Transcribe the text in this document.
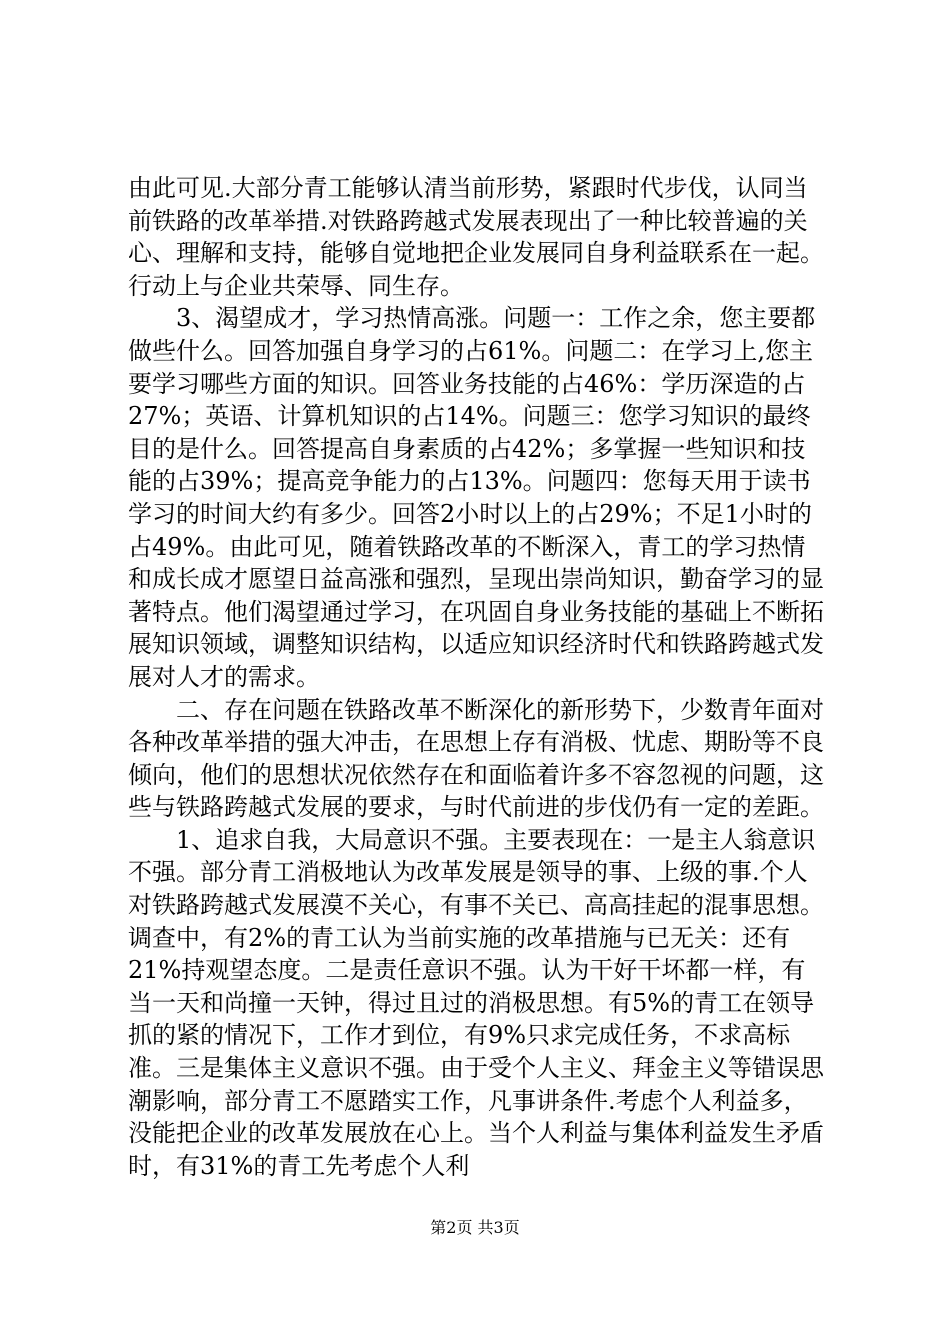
由此可见.大部分青工能够认清当前形势，紧跟时代步伐，认同当前铁路的改革举措.对铁路跨越式发展表现出了一种比较普遍的关心、理解和支持，能够自觉地把企业发展同自身利益联系在一起。行动上与企业共荣辱、同生存。

3、渴望成才，学习热情高涨。问题一：工作之余，您主要都做些什么。回答加强自身学习的占61%。问题二：在学习上,您主要学习哪些方面的知识。回答业务技能的占46%：学历深造的占27%；英语、计算机知识的占14%。问题三：您学习知识的最终目的是什么。回答提高自身素质的占42%；多掌握一些知识和技能的占39%；提高竞争能力的占13%。问题四：您每天用于读书学习的时间大约有多少。回答2小时以上的占29%；不足1小时的占49%。由此可见，随着铁路改革的不断深入，青工的学习热情和成长成才愿望日益高涨和强烈，呈现出崇尚知识，勤奋学习的显著特点。他们渴望通过学习，在巩固自身业务技能的基础上不断拓展知识领域，调整知识结构，以适应知识经济时代和铁路跨越式发展对人才的需求。

二、存在问题在铁路改革不断深化的新形势下，少数青年面对各种改革举措的强大冲击，在思想上存有消极、忧虑、期盼等不良倾向，他们的思想状况依然存在和面临着许多不容忽视的问题，这些与铁路跨越式发展的要求，与时代前进的步伐仍有一定的差距。

1、追求自我，大局意识不强。主要表现在：一是主人翁意识不强。部分青工消极地认为改革发展是领导的事、上级的事.个人对铁路跨越式发展漠不关心，有事不关已、高高挂起的混事思想。调查中，有2%的青工认为当前实施的改革措施与已无关：还有21%持观望态度。二是责任意识不强。认为干好干坏都一样，有当一天和尚撞一天钟，得过且过的消极思想。有5%的青工在领导抓的紧的情况下，工作才到位，有9%只求完成任务，不求高标准。三是集体主义意识不强。由于受个人主义、拜金主义等错误思潮影响，部分青工不愿踏实工作，凡事讲条件.考虑个人利益多，没能把企业的改革发展放在心上。当个人利益与集体利益发生矛盾时，有31%的青工先考虑个人利

第2页 共3页
